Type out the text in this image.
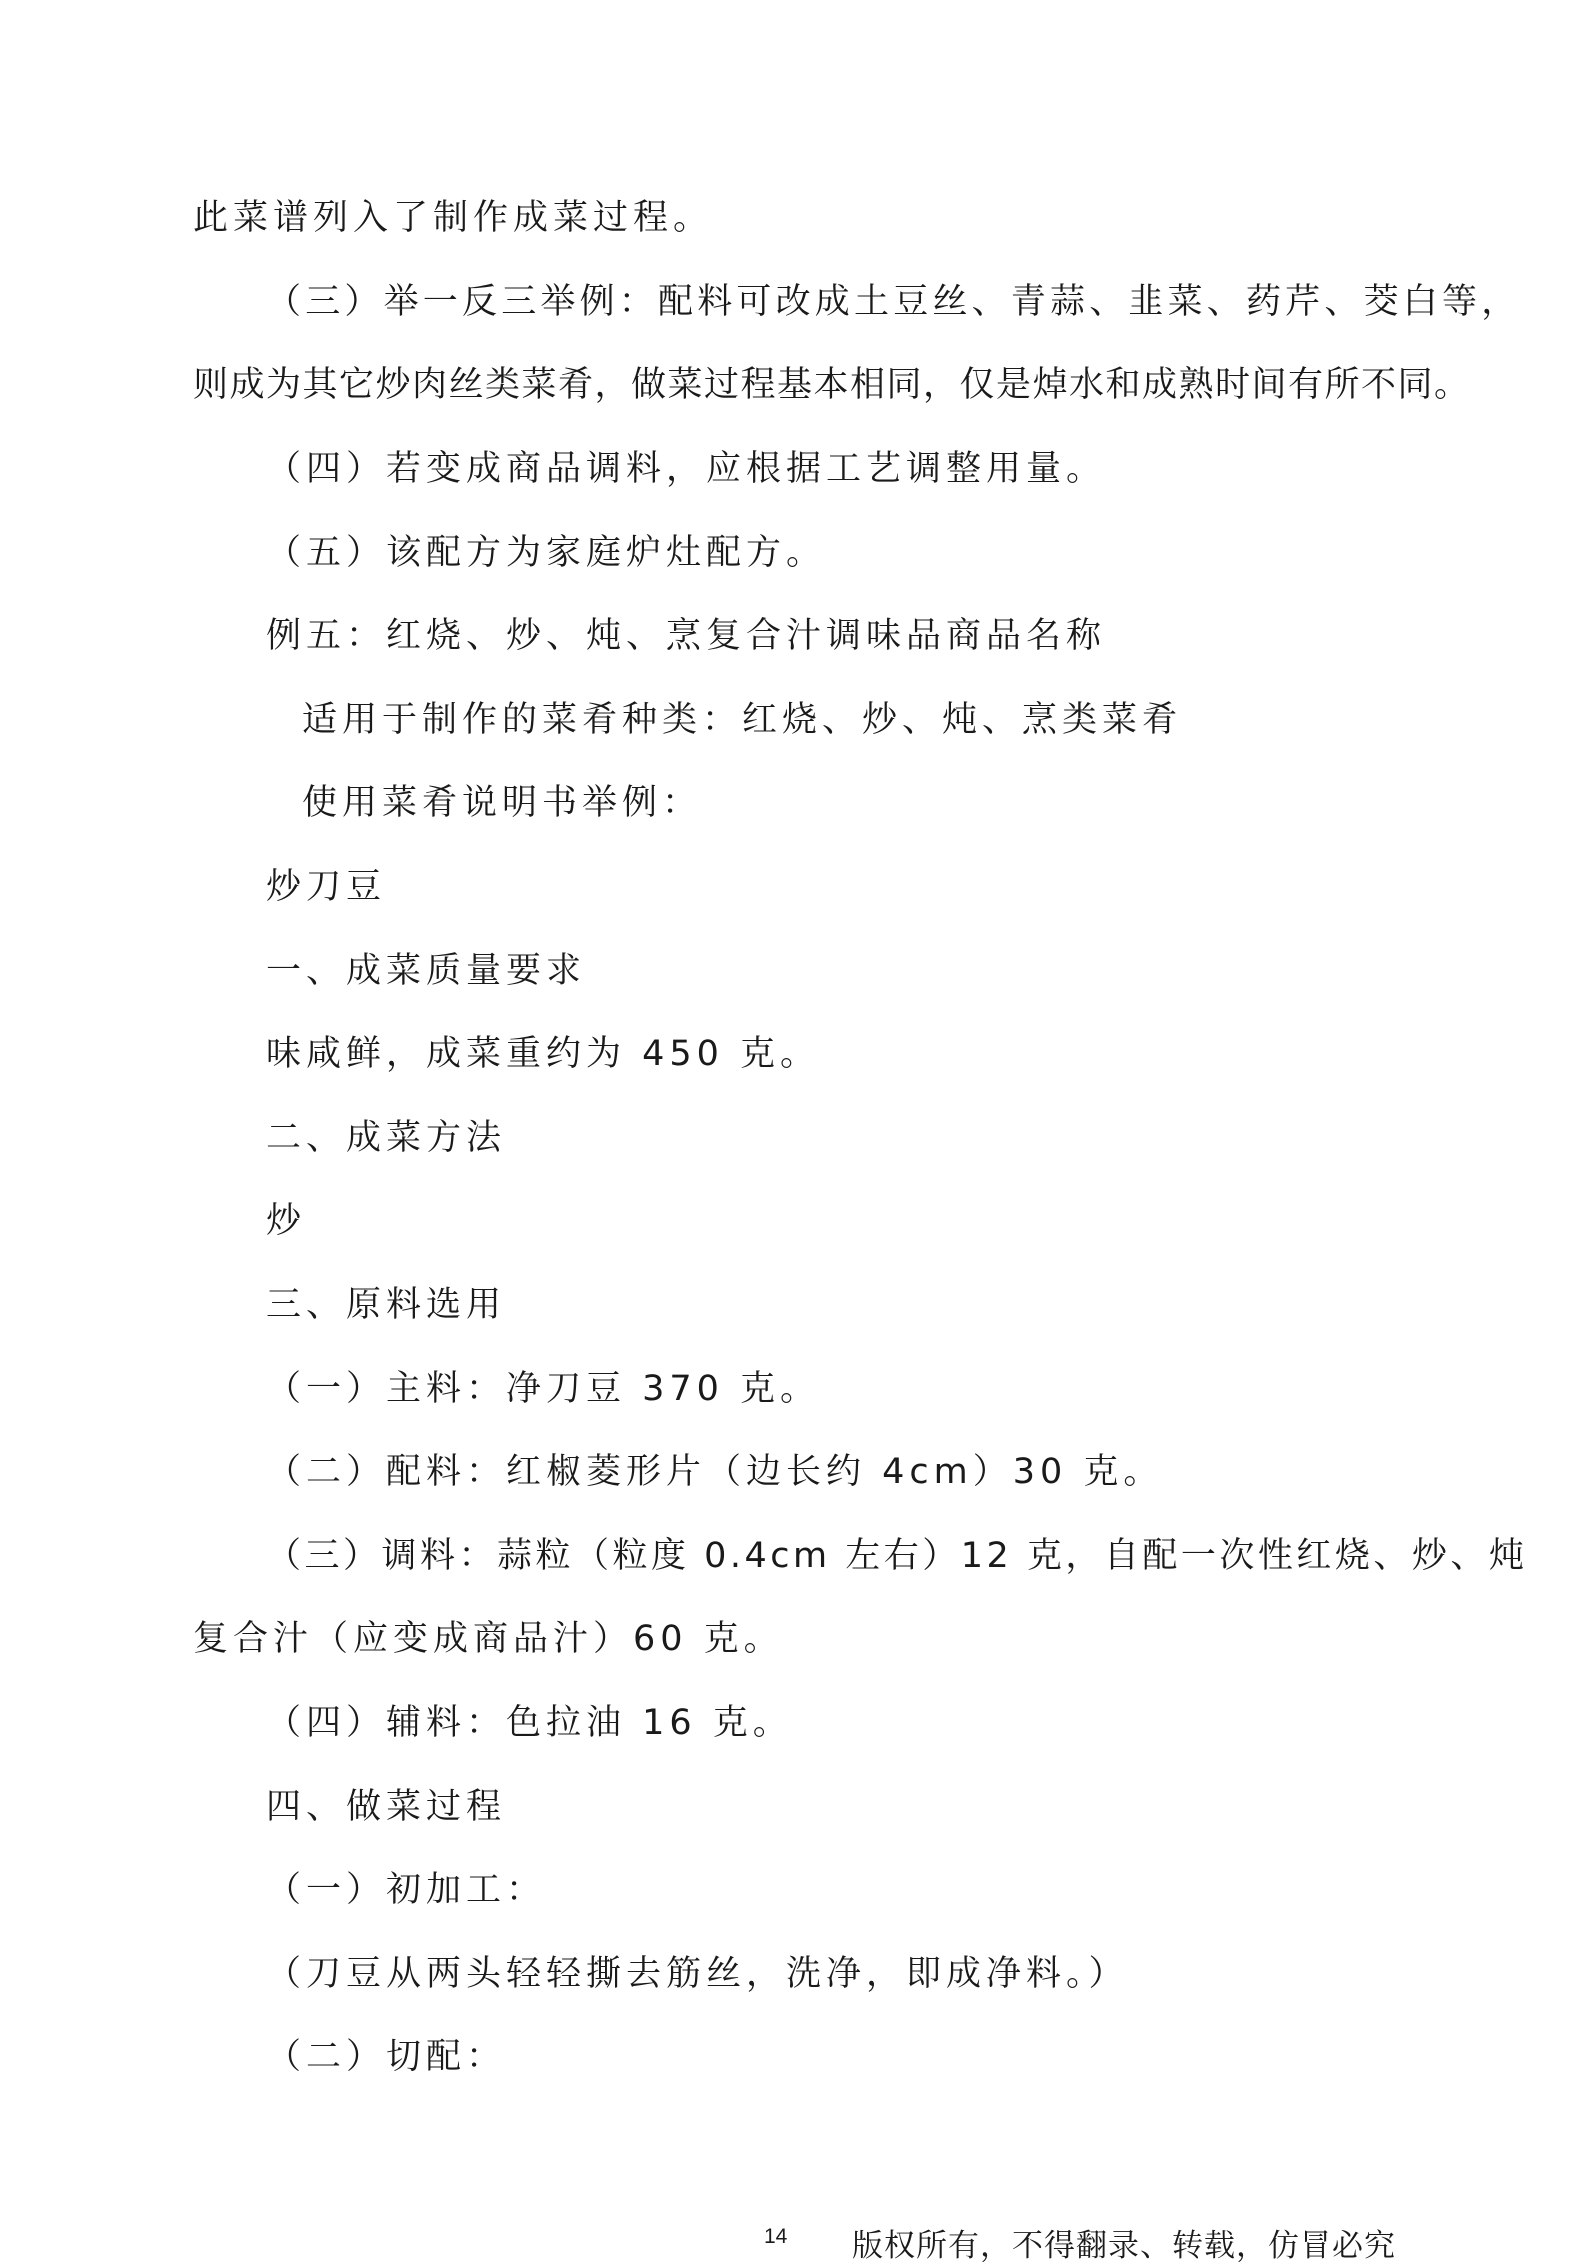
此菜谱列入了制作成菜过程。

（三）举一反三举例：配料可改成土豆丝、青蒜、韭菜、药芹、茭白等，

则成为其它炒肉丝类菜肴，做菜过程基本相同，仅是焯水和成熟时间有所不同。

（四）若变成商品调料，应根据工艺调整用量。

（五）该配方为家庭炉灶配方。

例五：红烧、炒、炖、烹复合汁调味品商品名称

适用于制作的菜肴种类：红烧、炒、炖、烹类菜肴

使用菜肴说明书举例：

炒刀豆

一、成菜质量要求

味咸鲜，成菜重约为 450 克。

二、成菜方法

炒

三、原料选用

（一）主料：净刀豆 370 克。

（二）配料：红椒菱形片（边长约 4cm）30 克。

（三）调料：蒜粒（粒度 0.4cm 左右）12 克，自配一次性红烧、炒、炖

复合汁（应变成商品汁）60 克。

（四）辅料：色拉油 16 克。

四、做菜过程

（一）初加工：

（刀豆从两头轻轻撕去筋丝，洗净，即成净料。）

（二）切配：

14 版权所有，不得翻录、转载，仿冒必究
